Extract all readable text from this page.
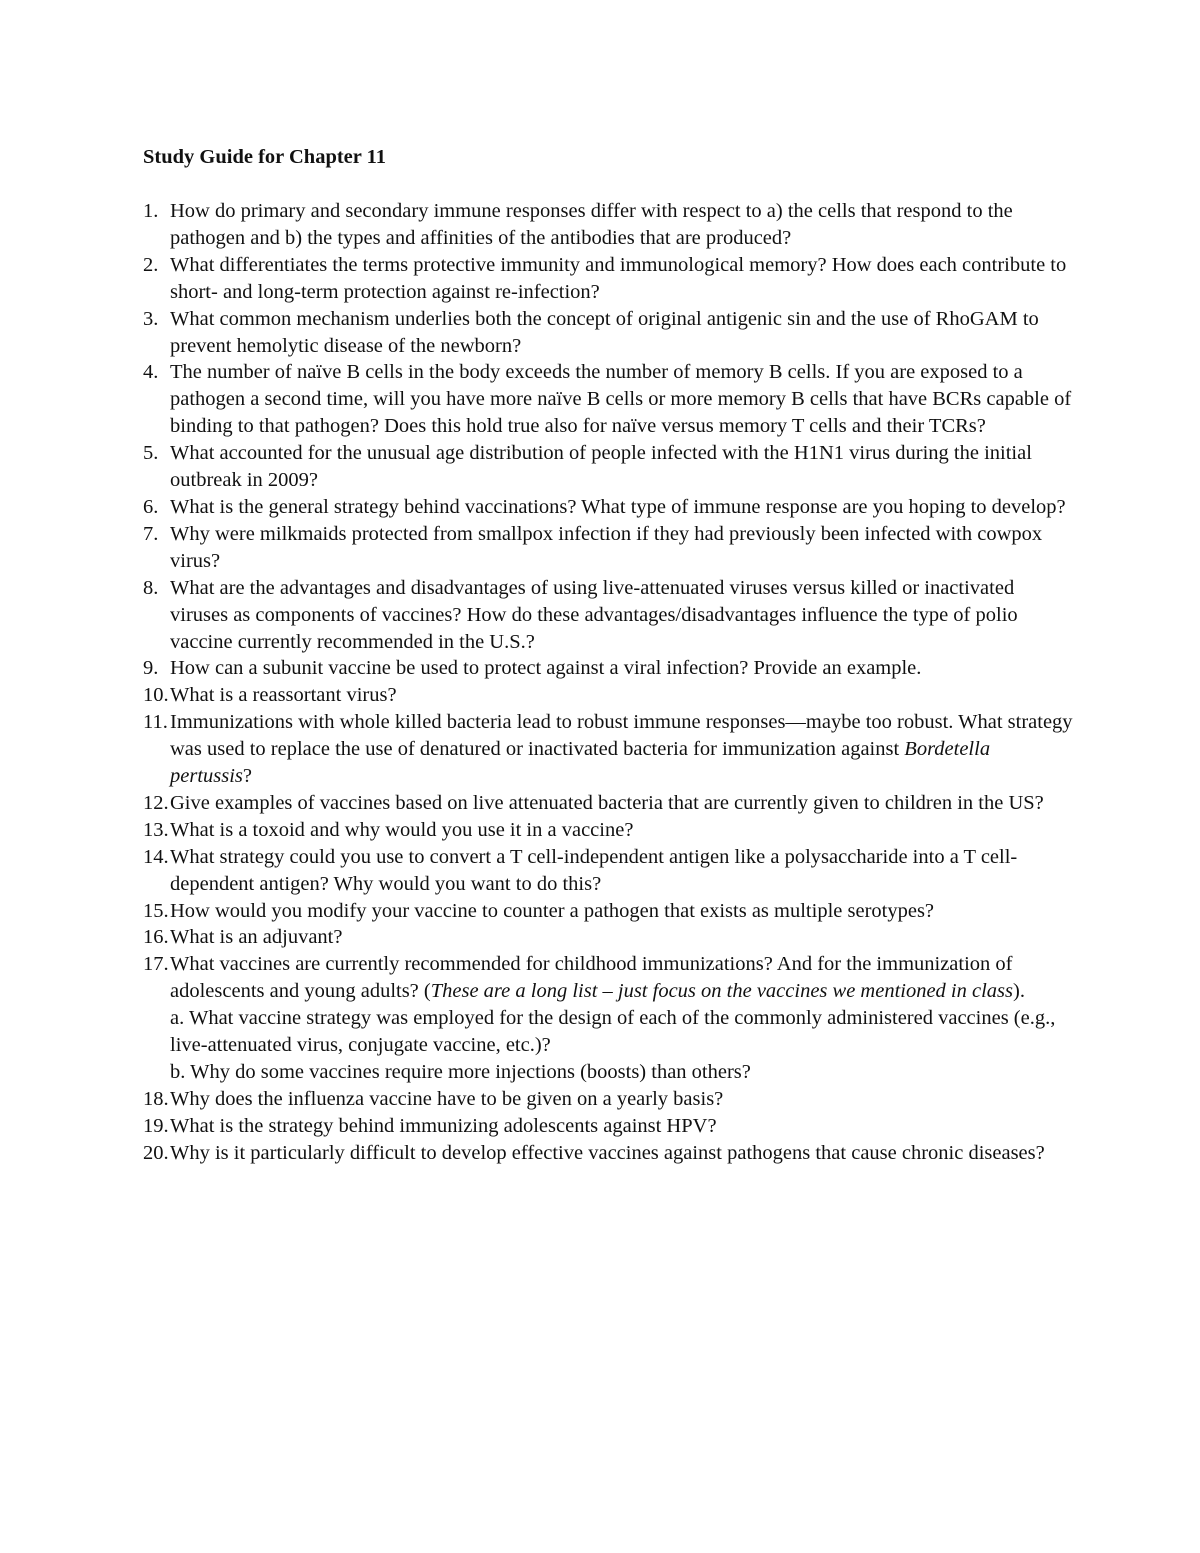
Study Guide for Chapter 11
1. How do primary and secondary immune responses differ with respect to a) the cells that respond to the pathogen and b) the types and affinities of the antibodies that are produced?
2. What differentiates the terms protective immunity and immunological memory? How does each contribute to short- and long-term protection against re-infection?
3. What common mechanism underlies both the concept of original antigenic sin and the use of RhoGAM to prevent hemolytic disease of the newborn?
4. The number of naïve B cells in the body exceeds the number of memory B cells. If you are exposed to a pathogen a second time, will you have more naïve B cells or more memory B cells that have BCRs capable of binding to that pathogen? Does this hold true also for naïve versus memory T cells and their TCRs?
5. What accounted for the unusual age distribution of people infected with the H1N1 virus during the initial outbreak in 2009?
6. What is the general strategy behind vaccinations? What type of immune response are you hoping to develop?
7. Why were milkmaids protected from smallpox infection if they had previously been infected with cowpox virus?
8. What are the advantages and disadvantages of using live-attenuated viruses versus killed or inactivated viruses as components of vaccines? How do these advantages/disadvantages influence the type of polio vaccine currently recommended in the U.S.?
9. How can a subunit vaccine be used to protect against a viral infection? Provide an example.
10. What is a reassortant virus?
11. Immunizations with whole killed bacteria lead to robust immune responses—maybe too robust. What strategy was used to replace the use of denatured or inactivated bacteria for immunization against Bordetella pertussis?
12. Give examples of vaccines based on live attenuated bacteria that are currently given to children in the US?
13. What is a toxoid and why would you use it in a vaccine?
14. What strategy could you use to convert a T cell-independent antigen like a polysaccharide into a T cell-dependent antigen? Why would you want to do this?
15. How would you modify your vaccine to counter a pathogen that exists as multiple serotypes?
16. What is an adjuvant?
17. What vaccines are currently recommended for childhood immunizations? And for the immunization of adolescents and young adults? (These are a long list – just focus on the vaccines we mentioned in class).
a. What vaccine strategy was employed for the design of each of the commonly administered vaccines (e.g., live-attenuated virus, conjugate vaccine, etc.)?
b. Why do some vaccines require more injections (boosts) than others?
18. Why does the influenza vaccine have to be given on a yearly basis?
19. What is the strategy behind immunizing adolescents against HPV?
20. Why is it particularly difficult to develop effective vaccines against pathogens that cause chronic diseases?
